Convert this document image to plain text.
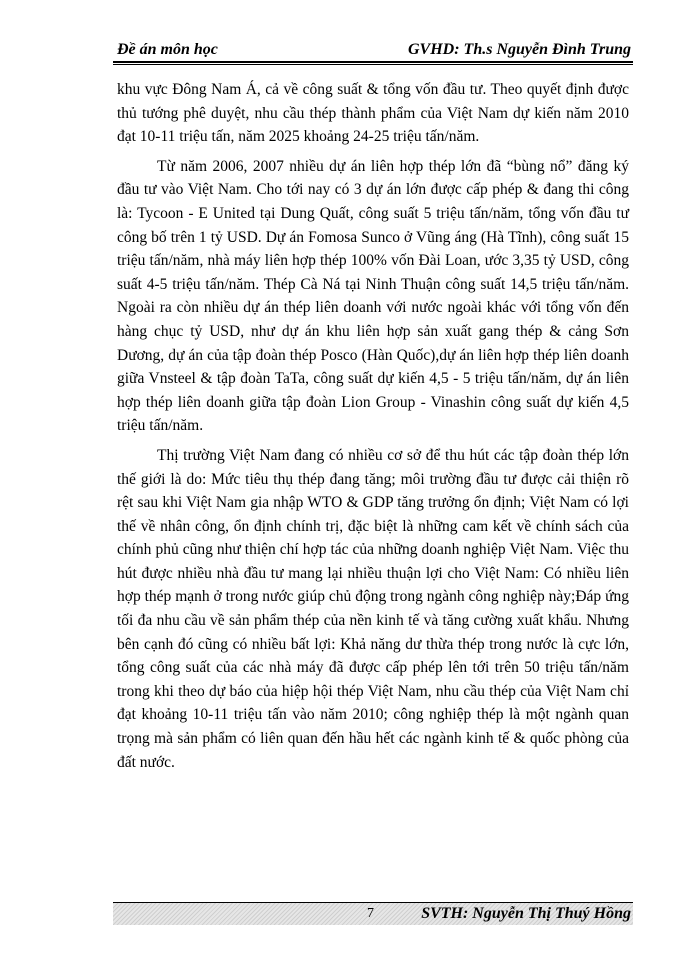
Đề án môn học	GVHD: Th.s Nguyễn Đình Trung

khu vực Đông Nam Á, cả về công suất & tổng vốn đầu tư. Theo quyết định được thủ tướng phê duyệt, nhu cầu thép thành phẩm của Việt Nam dự kiến năm 2010 đạt 10-11 triệu tấn, năm 2025 khoảng 24-25 triệu tấn/năm.

Từ năm 2006, 2007 nhiều dự án liên hợp thép lớn đã “bùng nổ” đăng ký đầu tư vào Việt Nam. Cho tới nay có 3 dự án lớn được cấp phép & đang thi công là: Tycoon - E United tại Dung Quất, công suất 5 triệu tấn/năm, tổng vốn đầu tư công bố trên 1 tỷ USD. Dự án Fomosa Sunco ở Vũng áng (Hà Tĩnh), công suất 15 triệu tấn/năm, nhà máy liên hợp thép 100% vốn Đài Loan, ước 3,35 tỷ USD, công suất 4-5 triệu tấn/năm. Thép Cà Ná tại Ninh Thuận công suất 14,5 triệu tấn/năm. Ngoài ra còn nhiều dự án thép liên doanh với nước ngoài khác với tổng vốn đến hàng chục tỷ USD, như dự án khu liên hợp sản xuất gang thép & cảng Sơn Dương, dự án của tập đoàn thép Posco (Hàn Quốc),dự án liên hợp thép liên doanh giữa Vnsteel & tập đoàn TaTa, công suất dự kiến 4,5 - 5 triệu tấn/năm, dự án liên hợp thép liên doanh giữa tập đoàn Lion Group - Vinashin công suất dự kiến 4,5 triệu tấn/năm.

Thị trường Việt Nam đang có nhiều cơ sở để thu hút các tập đoàn thép lớn thế giới là do: Mức tiêu thụ thép đang tăng; môi trường đầu tư được cải thiện rõ rệt sau khi Việt Nam gia nhập WTO & GDP tăng trưởng ổn định; Việt Nam có lợi thế về nhân công, ổn định chính trị, đặc biệt là những cam kết về chính sách của chính phủ cũng như thiện chí hợp tác của những doanh nghiệp Việt Nam. Việc thu hút được nhiều nhà đầu tư mang lại nhiều thuận lợi cho Việt Nam: Có nhiều liên hợp thép mạnh ở trong nước giúp chủ động trong ngành công nghiệp này;Đáp ứng tối đa nhu cầu về sản phẩm thép của nền kinh tế và tăng cường xuất khẩu. Nhưng bên cạnh đó cũng có nhiều bất lợi: Khả năng dư thừa thép trong nước là cực lớn, tổng công suất của các nhà máy đã được cấp phép lên tới trên 50 triệu tấn/năm trong khi theo dự báo của hiệp hội thép Việt Nam, nhu cầu thép của Việt Nam chỉ đạt khoảng 10-11 triệu tấn vào năm 2010; công nghiệp thép là một ngành quan trọng mà sản phẩm có liên quan đến hầu hết các ngành kinh tế & quốc phòng của đất nước.

7	SVTH: Nguyễn Thị Thuý Hồng
